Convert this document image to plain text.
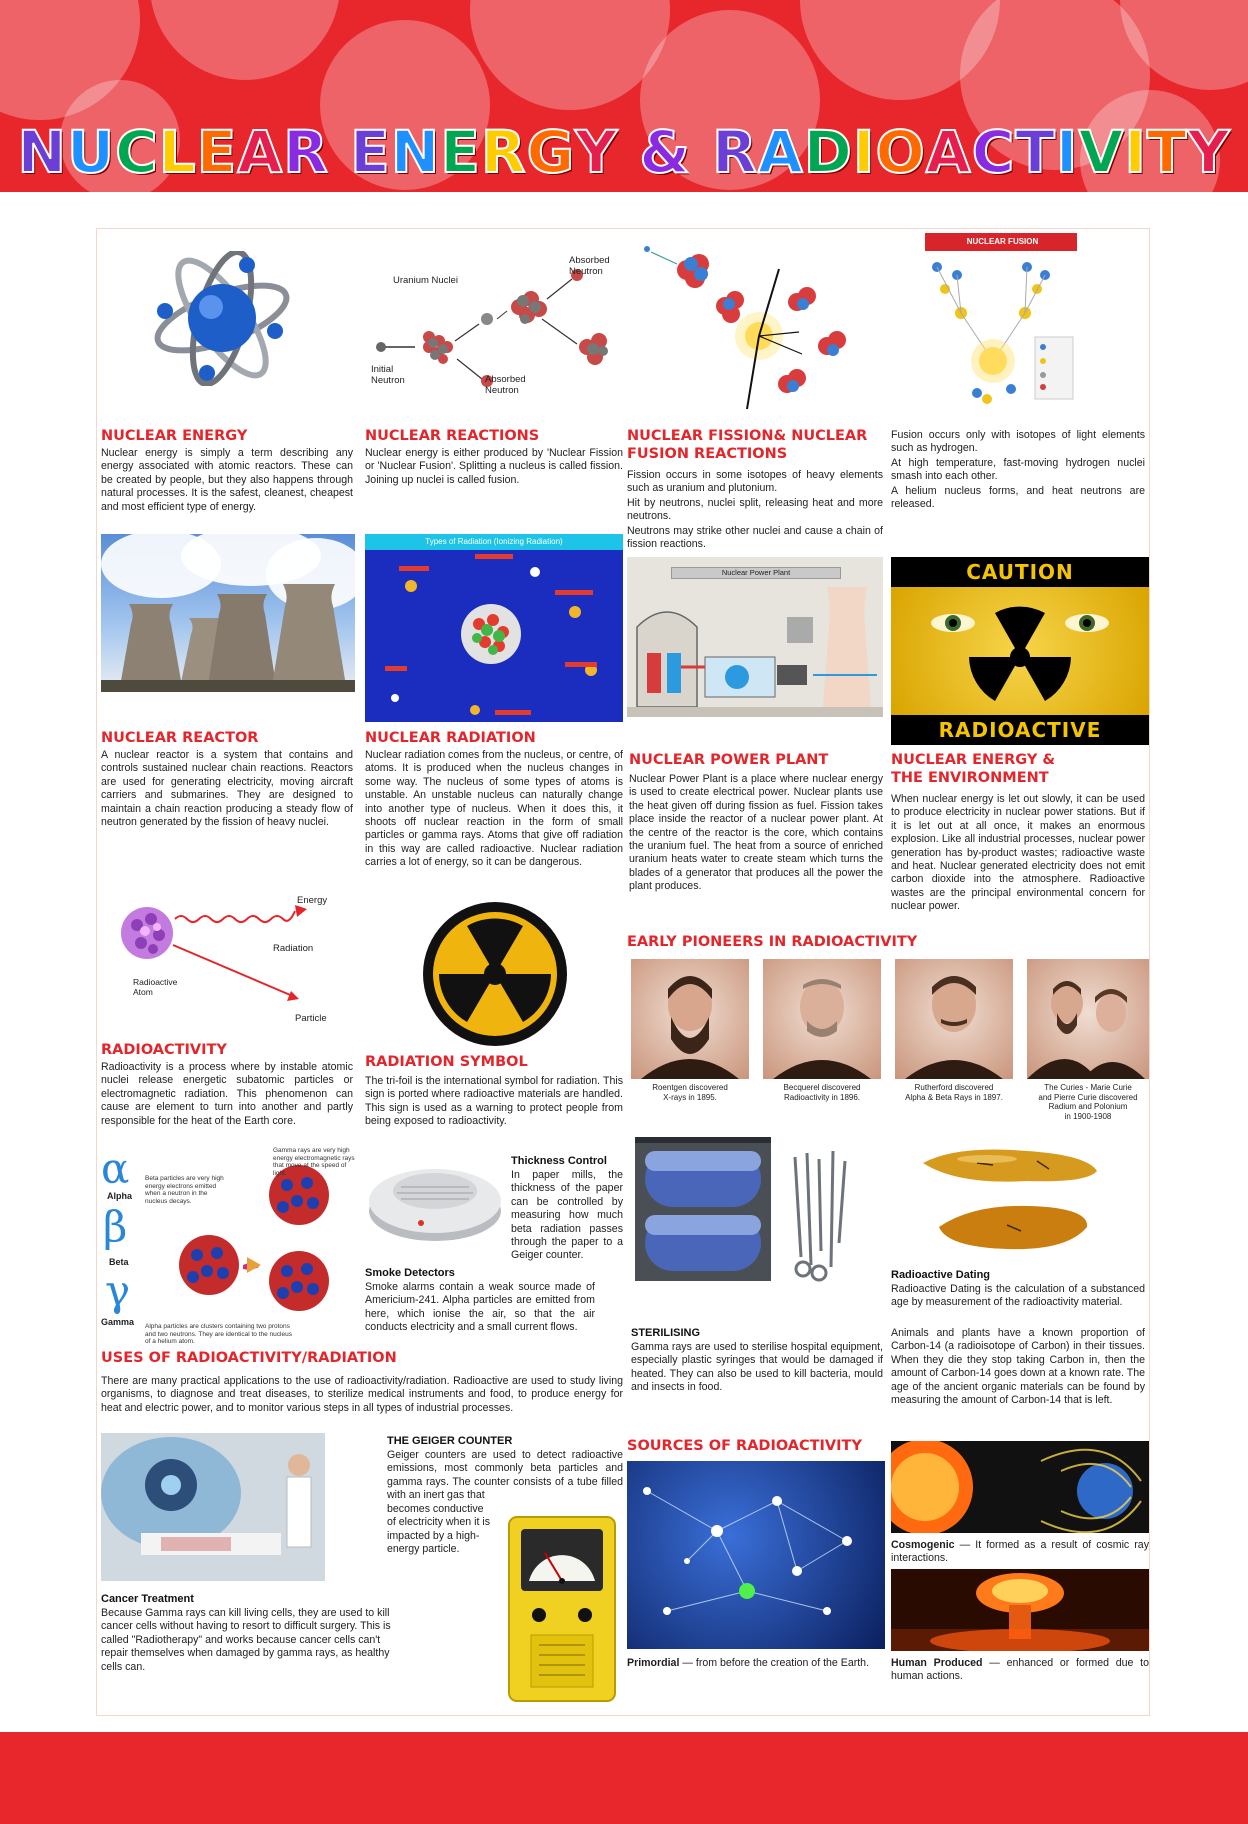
NUCLEAR ENERGY & RADIOACTIVITY
Uranium Nuclei
Absorbed
Neutron
Initial
Neutron	Absorbed
Neutron
NUCLEAR FUSION
NUCLEAR ENERGY
Nuclear energy is simply a term describing any energy associated with atomic reactors. These can be created by people, but they also happens through natural processes. It is the safest, cleanest, cheapest and most efficient type of energy.
NUCLEAR REACTIONS
Nuclear energy is either produced by 'Nuclear Fission or 'Nuclear Fusion'. Splitting a nucleus is called fission. Joining up nuclei is called fusion.
NUCLEAR FISSION& NUCLEAR
FUSION REACTIONS
Fission occurs in some isotopes of heavy elements such as uranium and plutonium.
Hit by neutrons, nuclei split, releasing heat and more neutrons.
Neutrons may strike other nuclei and cause a chain of fission reactions.
Fusion occurs only with isotopes of light elements such as hydrogen.
At high temperature, fast-moving hydrogen nuclei smash into each other.
A helium nucleus forms, and heat neutrons are released.
Types of Radiation (Ionizing Radiation)
Nuclear Power Plant	CAUTION
RADIOACTIVE
NUCLEAR REACTOR
A nuclear reactor is a system that contains and controls sustained nuclear chain reactions. Reactors are used for generating electricity, moving aircraft carriers and submarines. They are designed to maintain a chain reaction producing a steady flow of neutron generated by the fission of heavy nuclei.
NUCLEAR RADIATION
Nuclear radiation comes from the nucleus, or centre, of atoms. It is produced when the nucleus changes in some way. The nucleus of some types of atoms is unstable. An unstable nucleus can naturally change into another type of nucleus. When it does this, it shoots off nuclear reaction in the form of small particles or gamma rays. Atoms that give off radiation in this way are called radioactive. Nuclear radiation carries a lot of energy, so it can be dangerous.
NUCLEAR POWER PLANT
Nuclear Power Plant is a place where nuclear energy is used to create electrical power. Nuclear plants use the heat given off during fission as fuel. Fission takes place inside the reactor of a nuclear power plant. At the centre of the reactor is the core, which contains the uranium fuel. The heat from a source of enriched uranium heats water to create steam which turns the blades of a generator that produces all the power the plant produces.
NUCLEAR ENERGY &
THE ENVIRONMENT
When nuclear energy is let out slowly, it can be used to produce electricity in nuclear power stations. But if it is let out at all once, it makes an enormous explosion. Like all industrial processes, nuclear power generation has by-product wastes; radioactive waste and heat. Nuclear generated electricity does not emit carbon dioxide into the atmosphere. Radioactive wastes are the principal environmental concern for nuclear power.
Energy
Radiation
Radioactive
Atom
Particle
RADIOACTIVITY
Radioactivity is a process where by instable atomic nuclei release energetic subatomic particles or electromagnetic radiation. This phenomenon can cause are element to turn into another and partly responsible for the heat of the Earth core.
RADIATION SYMBOL
The tri-foil is the international symbol for radiation. This sign is ported where radioactive materials are handled. This sign is used as a warning to protect people from being exposed to radioactivity.
EARLY PIONEERS IN RADIOACTIVITY
Roentgen discovered
X-rays in 1895.
Becquerel discovered
Radioactivity in 1896.
Rutherford discovered
Alpha & Beta Rays in 1897.
The Curies - Marie Curie
and Pierre Curie discovered
Radium and Polonium
in 1900-1908
α
Alpha
β
Beta
γ
Gamma
Gamma rays are very high energy electromagnetic rays that move at the speed of light.
Beta particles are very high energy electrons emitted when a neutron in the nucleus decays.
Alpha particles are clusters containing two protons and two neutrons. They are identical to the nucleus of a helium atom.
Thickness Control
In paper mills, the thickness of the paper can be controlled by measuring how much beta radiation passes through the paper to a Geiger counter.
Smoke Detectors
Smoke alarms contain a weak source made of Americium-241. Alpha particles are emitted from here, which ionise the air, so that the air conducts electricity and a small current flows.	STERILISING
Gamma rays are used to sterilise hospital equipment, especially plastic syringes that would be damaged if heated. They can also be used to kill bacteria, mould and insects in food.
Radioactive Dating
Radioactive Dating is the calculation of a substanced age by measurement of the radioactivity material.
Animals and plants have a known proportion of Carbon-14 (a radioisotope of Carbon) in their tissues. When they die they stop taking Carbon in, then the amount of Carbon-14 goes down at a known rate. The age of the ancient organic materials can be found by measuring the amount of Carbon-14 that is left.
USES OF RADIOACTIVITY/RADIATION
There are many practical applications to the use of radioactivity/radiation. Radioactive are used to study living organisms, to diagnose and treat diseases, to sterilize medical instruments and food, to produce energy for heat and electric power, and to monitor various steps in all types of industrial processes.
THE GEIGER COUNTER
Geiger counters are used to detect radioactive emissions, most commonly beta particles and gamma rays. The counter consists of a tube filled with an inert gas that
becomes conductive of electricity when it is impacted by a high-energy particle.
Cancer Treatment
Because Gamma rays can kill living cells, they are used to kill cancer cells without having to resort to difficult surgery. This is called "Radiotherapy" and works because cancer cells can't repair themselves when damaged by gamma rays, as healthy cells can.
SOURCES OF RADIOACTIVITY
Primordial — from before the creation of the Earth.
Cosmogenic — It formed as a result of cosmic ray interactions.
Human Produced — enhanced or formed due to human actions.
